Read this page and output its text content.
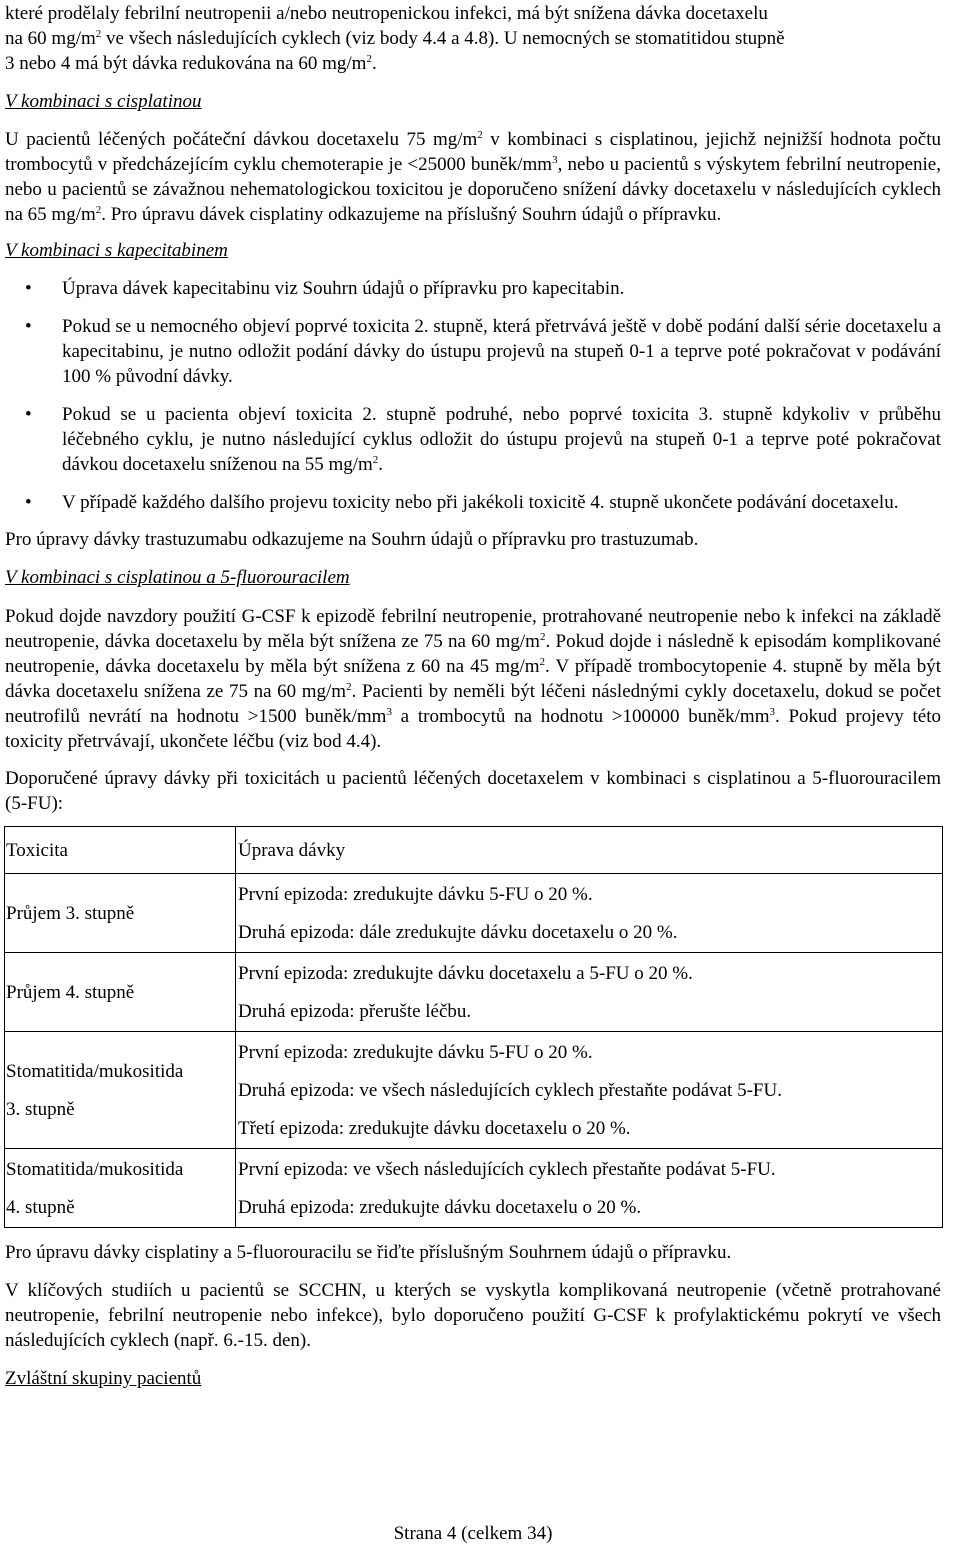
které prodělaly febrilní neutropenii a/nebo neutropenickou infekci, má být snížena dávka docetaxelu
na 60 $mg/m^2$ ve všech následujících cyklech (viz body 4.4 a 4.8). U nemocných se stomatitidou stupně
3 nebo 4 má být dávka redukována na 60 $mg/m^2$.

V kombinaci s cisplatinou

U pacientů léčených počáteční dávkou docetaxelu 75 $mg/m^2$ v kombinaci s cisplatinou, jejichž nejnižší hodnota počtu trombocytů v předcházejícím cyklu chemoterapie je <25000 buněk/$mm^3$, nebo u pacientů s výskytem febrilní neutropenie, nebo u pacientů se závažnou nehematologickou toxicitou je doporučeno snížení dávky docetaxelu v následujících cyklech na 65 $mg/m^2$. Pro úpravu dávek cisplatiny odkazujeme na příslušný Souhrn údajů o přípravku.

V kombinaci s kapecitabinem

• Úprava dávek kapecitabinu viz Souhrn údajů o přípravku pro kapecitabin.
• Pokud se u nemocného objeví poprvé toxicita 2. stupně, která přetrvává ještě v době podání další série docetaxelu a kapecitabinu, je nutno odložit podání dávky do ústupu projevů na stupeň 0-1 a teprve poté pokračovat v podávání 100 % původní dávky.
• Pokud se u pacienta objeví toxicita 2. stupně podruhé, nebo poprvé toxicita 3. stupně kdykoliv v průběhu léčebného cyklu, je nutno následující cyklus odložit do ústupu projevů na stupeň 0-1 a teprve poté pokračovat dávkou docetaxelu sníženou na 55 $mg/m^2$.
• V případě každého dalšího projevu toxicity nebo při jakékoli toxicitě 4. stupně ukončete podávání docetaxelu.

Pro úpravy dávky trastuzumabu odkazujeme na Souhrn údajů o přípravku pro trastuzumab.

V kombinaci s cisplatinou a 5-fluorouracilem

Pokud dojde navzdory použití G-CSF k epizodě febrilní neutropenie, protrahované neutropenie nebo k infekci na základě neutropenie, dávka docetaxelu by měla být snížena ze 75 na 60 $mg/m^2$. Pokud dojde i následně k episodám komplikované neutropenie, dávka docetaxelu by měla být snížena z 60 na 45 $mg/m^2$. V případě trombocytopenie 4. stupně by měla být dávka docetaxelu snížena ze 75 na 60 $mg/m^2$. Pacienti by neměli být léčeni následnými cykly docetaxelu, dokud se počet neutrofilů nevrátí na hodnotu >1500 buněk/$mm^3$ a trombocytů na hodnotu >100000 buněk/$mm^3$. Pokud projevy této toxicity přetrvávají, ukončete léčbu (viz bod 4.4).

Doporučené úpravy dávky při toxicitách u pacientů léčených docetaxelem v kombinaci s cisplatinou a 5-fluorouracilem (5-FU):

Toxicita	Úprava dávky
Průjem 3. stupně	První epizoda: zredukujte dávku 5-FU o 20 %.
Druhá epizoda: dále zredukujte dávku docetaxelu o 20 %.

Průjem 4. stupně	První epizoda: zredukujte dávku docetaxelu a 5-FU o 20 %.
Druhá epizoda: přerušte léčbu.

Stomatitida/mukositida
3. stupně	První epizoda: zredukujte dávku 5-FU o 20 %.
Druhá epizoda: ve všech následujících cyklech přestaňte podávat 5-FU.
Třetí epizoda: zredukujte dávku docetaxelu o 20 %.

Stomatitida/mukositida
4. stupně	První epizoda: ve všech následujících cyklech přestaňte podávat 5-FU.
Druhá epizoda: zredukujte dávku docetaxelu o 20 %.

Pro úpravu dávky cisplatiny a 5-fluorouracilu se řiďte příslušným Souhrnem údajů o přípravku.

V klíčových studiích u pacientů se SCCHN, u kterých se vyskytla komplikovaná neutropenie (včetně protrahované neutropenie, febrilní neutropenie nebo infekce), bylo doporučeno použití G-CSF k profylaktickému pokrytí ve všech následujících cyklech (např. 6.-15. den).

Zvláštní skupiny pacientů

Strana 4 (celkem 34)
